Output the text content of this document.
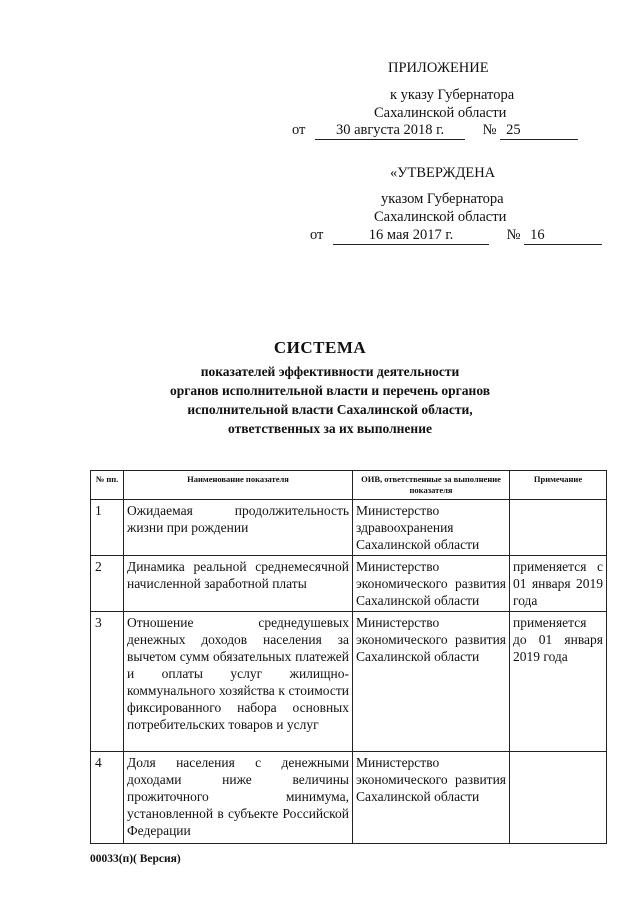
ПРИЛОЖЕНИЕ
к указу Губернатора
Сахалинской области
от 30 августа 2018 г.	№ 25
«УТВЕРЖДЕНА
указом Губернатора
Сахалинской области
от	16 мая 2017 г.	№ 16
СИСТЕМА
показателей эффективности деятельности
органов исполнительной власти и перечень органов
исполнительной власти Сахалинской области,
ответственных за их выполнение
№ пп.	Наименование показателя	ОИВ, ответственные за выполнение показателя	Примечание
1	Ожидаемая продолжительность жизни при рождении	Министерство здравоохранения Сахалинской области	
2	Динамика реальной среднемесячной начисленной заработной платы	Министерство экономического развития Сахалинской области	применяется с 01 января 2019 года
3	Отношение среднедушевых денежных доходов населения за вычетом сумм обязательных платежей и оплаты услуг жилищно-коммунального хозяйства к стоимости фиксированного набора основных потребительских товаров и услуг	Министерство экономического развития Сахалинской области	применяется до 01 января 2019 года
4	Доля населения с денежными доходами ниже величины прожиточного минимума, установленной в субъекте Российской Федерации	Министерство экономического развития Сахалинской области	
00033(п)( Версия)
